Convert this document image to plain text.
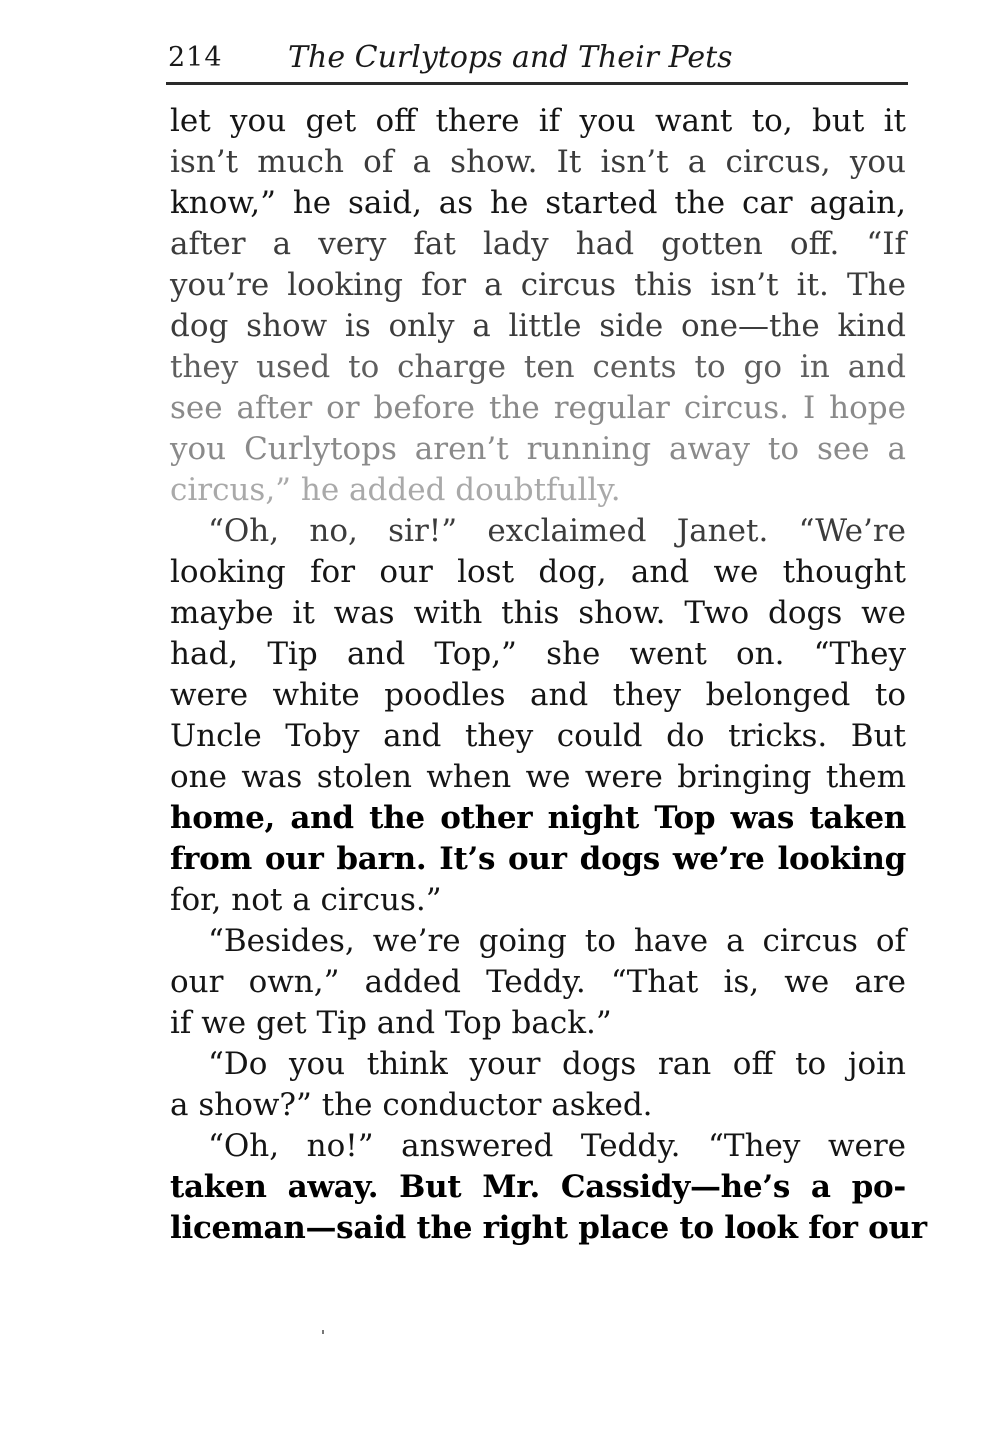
214 The Curlytops and Their Pets
let you get off there if you want to, but it
isn’t much of a show. It isn’t a circus, you
know,” he said, as he started the car again,
after a very fat lady had gotten off. “If
you’re looking for a circus this isn’t it. The
dog show is only a little side one—the kind
they used to charge ten cents to go in and
see after or before the regular circus. I hope
you Curlytops aren’t running away to see a
circus,” he added doubtfully.
“Oh, no, sir!” exclaimed Janet. “We’re
looking for our lost dog, and we thought
maybe it was with this show. Two dogs we
had, Tip and Top,” she went on. “They
were white poodles and they belonged to
Uncle Toby and they could do tricks. But
one was stolen when we were bringing them
home, and the other night Top was taken
from our barn. It’s our dogs we’re looking
for, not a circus.”
“Besides, we’re going to have a circus of
our own,” added Teddy. “That is, we are
if we get Tip and Top back.”
“Do you think your dogs ran off to join
a show?” the conductor asked.
“Oh, no!” answered Teddy. “They were
taken away. But Mr. Cassidy—he’s a po-
liceman—said the right place to look for our
